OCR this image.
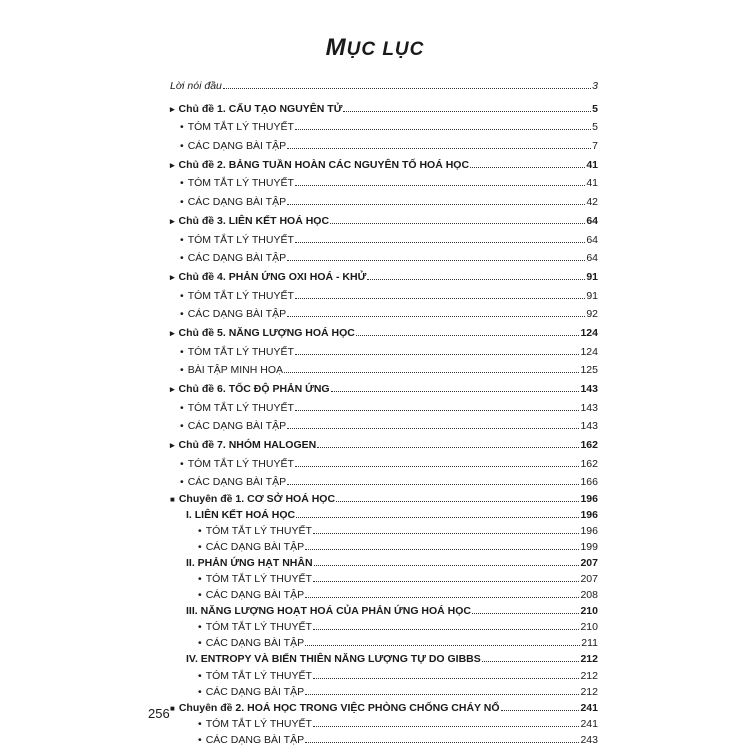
MỤC LỤC
Lời nói đầu	3
▸ Chủ đề 1. CẤU TẠO NGUYÊN TỬ	5
• TÓM TẮT LÝ THUYẾT	5
• CÁC DẠNG BÀI TẬP	7
▸ Chủ đề 2. BẢNG TUẦN HOÀN CÁC NGUYÊN TỐ HOÁ HỌC	41
• TÓM TẮT LÝ THUYẾT	41
• CÁC DẠNG BÀI TẬP	42
▸ Chủ đề 3. LIÊN KẾT HOÁ HỌC	64
• TÓM TẮT LÝ THUYẾT	64
• CÁC DẠNG BÀI TẬP	64
▸ Chủ đề 4. PHẢN ỨNG OXI HOÁ - KHỬ	91
• TÓM TẮT LÝ THUYẾT	91
• CÁC DẠNG BÀI TẬP	92
▸ Chủ đề 5. NĂNG LƯỢNG HOÁ HỌC	124
• TÓM TẮT LÝ THUYẾT	124
• BÀI TẬP MINH HOẠ	125
▸ Chủ đề 6. TỐC ĐỘ PHẢN ỨNG	143
• TÓM TẮT LÝ THUYẾT	143
• CÁC DẠNG BÀI TẬP	143
▸ Chủ đề 7. NHÓM HALOGEN	162
• TÓM TẮT LÝ THUYẾT	162
• CÁC DẠNG BÀI TẬP	166
■ Chuyên đề 1. CƠ SỞ HOÁ HỌC	196
I. LIÊN KẾT HOÁ HỌC	196
• TÓM TẮT LÝ THUYẾT	196
• CÁC DẠNG BÀI TẬP	199
II. PHẢN ỨNG HẠT NHÂN	207
• TÓM TẮT LÝ THUYẾT	207
• CÁC DẠNG BÀI TẬP	208
III. NĂNG LƯỢNG HOẠT HOÁ CỦA PHẢN ỨNG HOÁ HỌC	210
• TÓM TẮT LÝ THUYẾT	210
• CÁC DẠNG BÀI TẬP	211
IV. ENTROPY VÀ BIẾN THIÊN NĂNG LƯỢNG TỰ DO GIBBS	212
• TÓM TẮT LÝ THUYẾT	212
• CÁC DẠNG BÀI TẬP	212
■ Chuyên đề 2. HOÁ HỌC TRONG VIỆC PHÒNG CHỐNG CHÁY NỔ	241
• TÓM TẮT LÝ THUYẾT	241
• CÁC DẠNG BÀI TẬP	243
256
